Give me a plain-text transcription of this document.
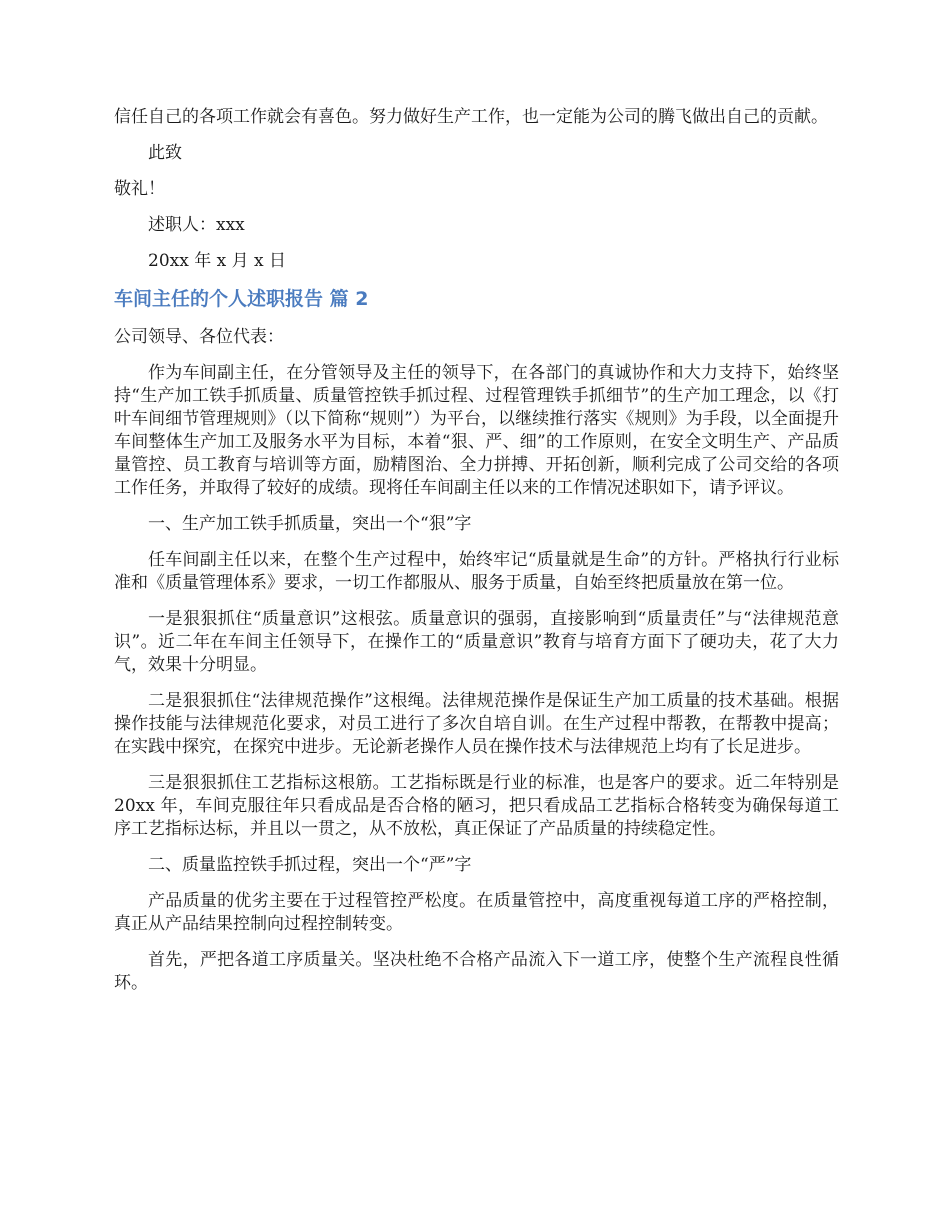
信任自己的各项工作就会有喜色。努力做好生产工作，也一定能为公司的腾飞做出自己的贡献。

此致

敬礼！

述职人：xxx

20xx 年 x 月 x 日

车间主任的个人述职报告 篇 2

公司领导、各位代表：

作为车间副主任，在分管领导及主任的领导下，在各部门的真诚协作和大力支持下，始终坚持“生产加工铁手抓质量、质量管控铁手抓过程、过程管理铁手抓细节”的生产加工理念，以《打叶车间细节管理规则》（以下简称“规则”）为平台，以继续推行落实《规则》为手段，以全面提升车间整体生产加工及服务水平为目标，本着“狠、严、细”的工作原则，在安全文明生产、产品质量管控、员工教育与培训等方面，励精图治、全力拼搏、开拓创新，顺利完成了公司交给的各项工作任务，并取得了较好的成绩。现将任车间副主任以来的工作情况述职如下，请予评议。

一、生产加工铁手抓质量，突出一个“狠”字

任车间副主任以来，在整个生产过程中，始终牢记“质量就是生命”的方针。严格执行行业标准和《质量管理体系》要求，一切工作都服从、服务于质量，自始至终把质量放在第一位。

一是狠狠抓住“质量意识”这根弦。质量意识的强弱，直接影响到“质量责任”与“法律规范意识”。近二年在车间主任领导下，在操作工的“质量意识”教育与培育方面下了硬功夫，花了大力气，效果十分明显。

二是狠狠抓住“法律规范操作”这根绳。法律规范操作是保证生产加工质量的技术基础。根据操作技能与法律规范化要求，对员工进行了多次自培自训。在生产过程中帮教，在帮教中提高；在实践中探究，在探究中进步。无论新老操作人员在操作技术与法律规范上均有了长足进步。

三是狠狠抓住工艺指标这根筋。工艺指标既是行业的标准，也是客户的要求。近二年特别是 20xx 年，车间克服往年只看成品是否合格的陋习，把只看成品工艺指标合格转变为确保每道工序工艺指标达标，并且以一贯之，从不放松，真正保证了产品质量的持续稳定性。

二、质量监控铁手抓过程，突出一个“严”字

产品质量的优劣主要在于过程管控严松度。在质量管控中，高度重视每道工序的严格控制，真正从产品结果控制向过程控制转变。

首先，严把各道工序质量关。坚决杜绝不合格产品流入下一道工序，使整个生产流程良性循环。
